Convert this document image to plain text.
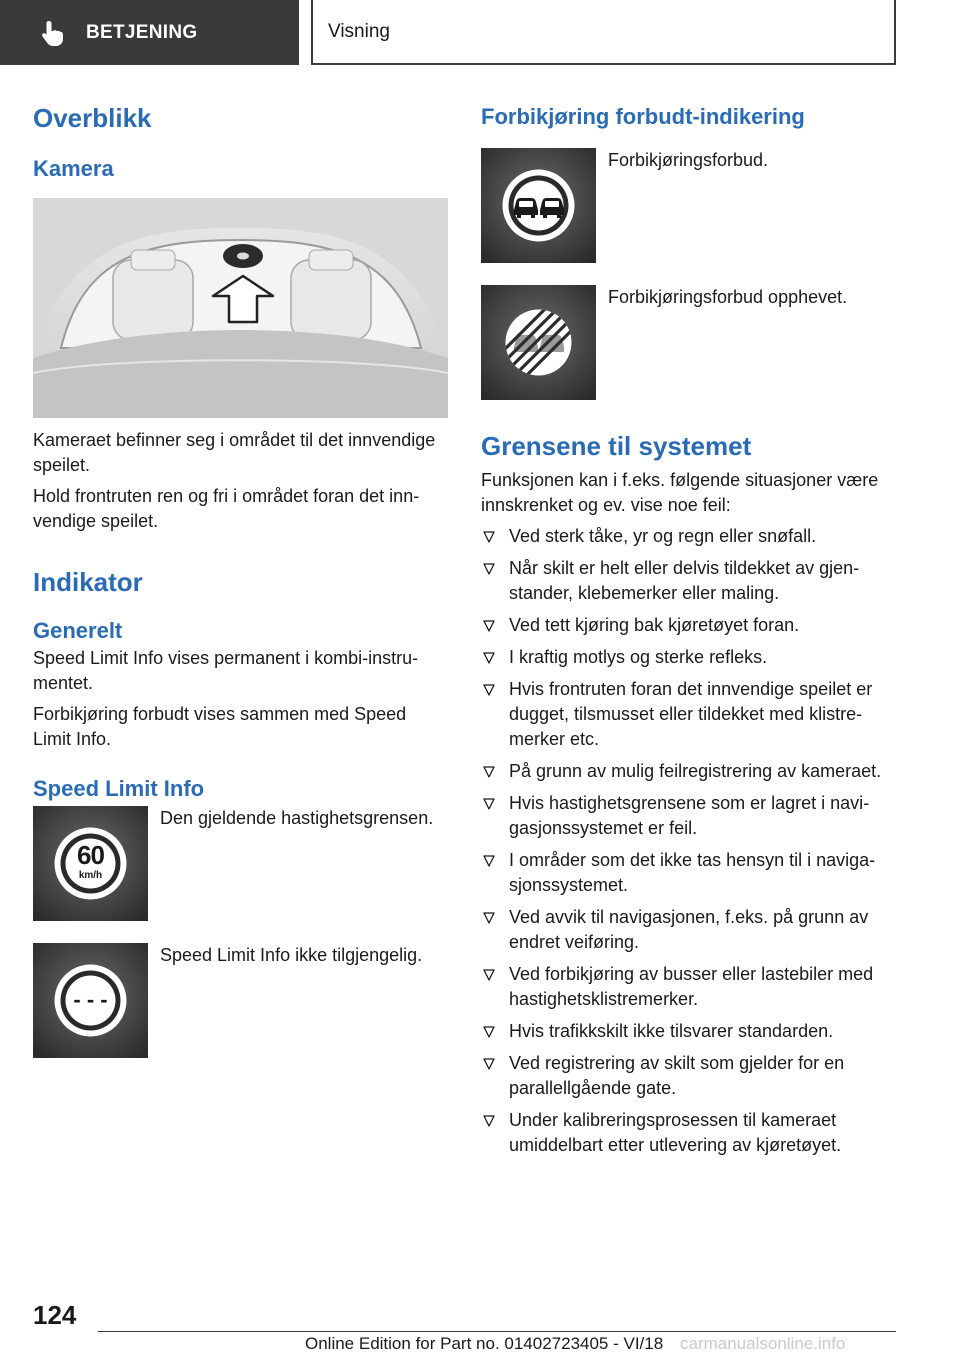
BETJENING	Visning
Overblikk
Kamera

Kameraet befinner seg i området til det innvendige speilet.

Hold frontruten ren og fri i området foran det innvendige speilet.

Indikator
Generelt

Speed Limit Info vises permanent i kombi-instrumentet.

Forbikjøring forbudt vises sammen med Speed Limit Info.

Speed Limit Info
60
km/h
Den gjeldende hastighetsgrensen.
- - -
Speed Limit Info ikke tilgjengelig.
Forbikjøring forbudt-indikering
Forbikjøringsforbud.
Forbikjøringsforbud opphevet.
Grensene til systemet

Funksjonen kan i f.eks. følgende situasjoner være innskrenket og ev. vise noe feil:

Ved sterk tåke, yr og regn eller snøfall.
Når skilt er helt eller delvis tildekket av gjenstander, klebemerker eller maling.
Ved tett kjøring bak kjøretøyet foran.
I kraftig motlys og sterke refleks.
Hvis frontruten foran det innvendige speilet er dugget, tilsmusset eller tildekket med klistremerker etc.
På grunn av mulig feilregistrering av kameraet.
Hvis hastighetsgrensene som er lagret i navigasjonssystemet er feil.
I områder som det ikke tas hensyn til i navigasjonssystemet.
Ved avvik til navigasjonen, f.eks. på grunn av endret veiføring.
Ved forbikjøring av busser eller lastebiler med hastighetsklistremerker.
Hvis trafikkskilt ikke tilsvarer standarden.
Ved registrering av skilt som gjelder for en parallellgående gate.
Under kalibreringsprosessen til kameraet umiddelbart etter utlevering av kjøretøyet.
124
Online Edition for Part no. 01402723405 - VI/18 carmanualsonline.info
